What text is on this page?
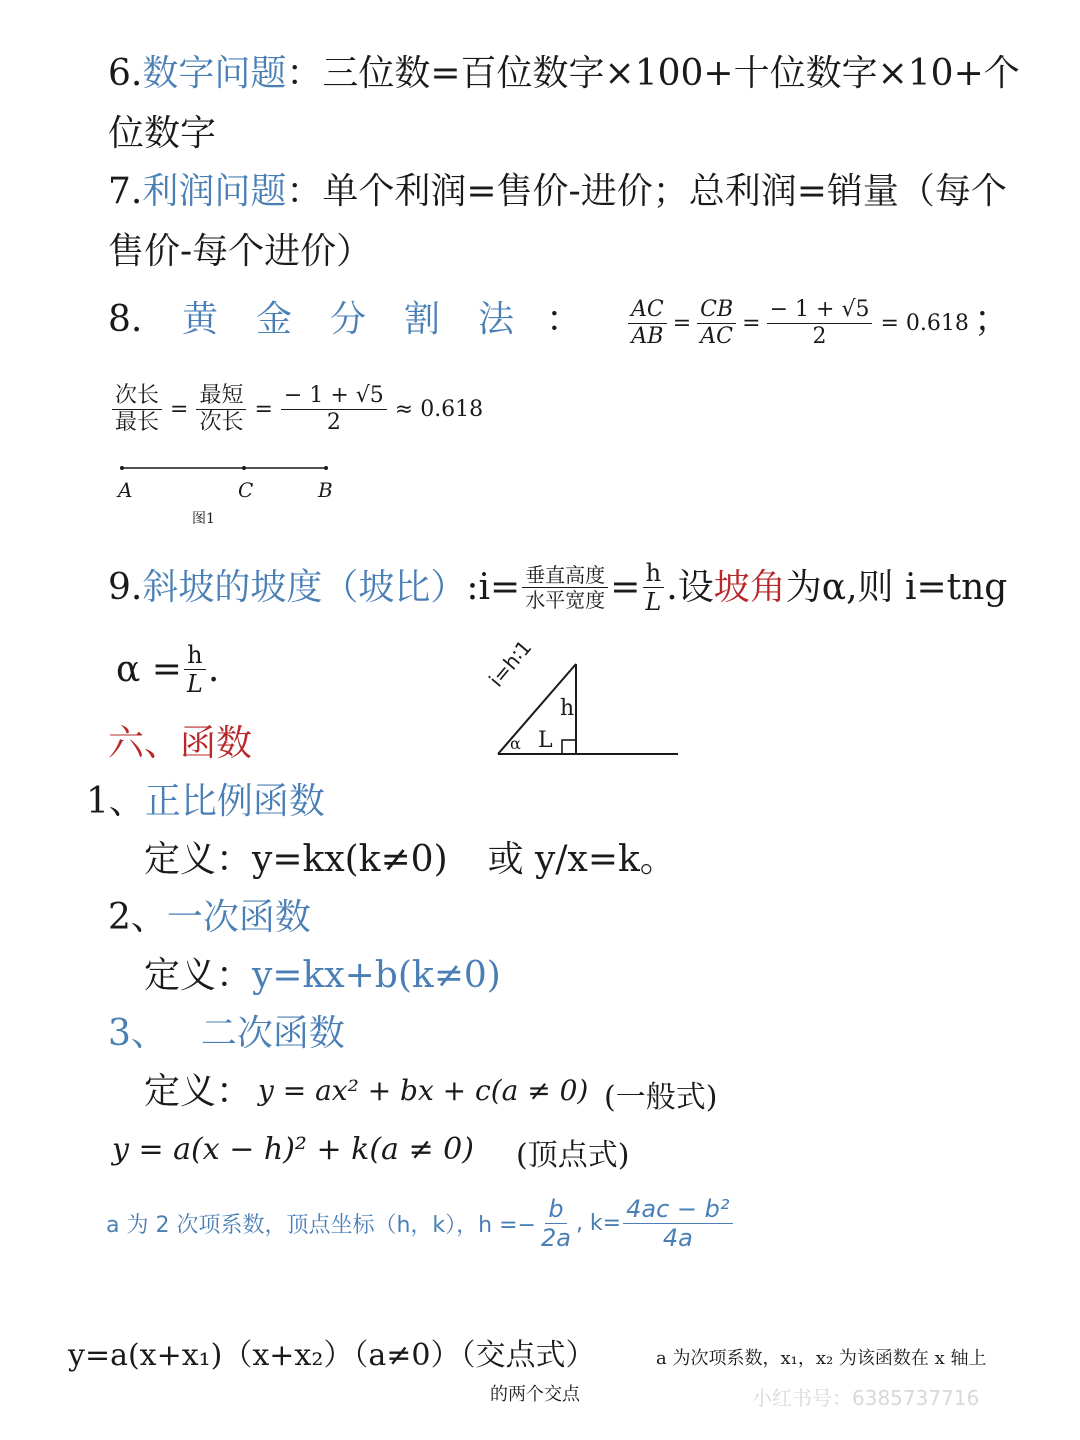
6.数字问题：三位数=百位数字×100+十位数字×10+个
位数字
7.利润问题：单个利润=售价-进价；总利润=销量（每个
售价-每个进价）
8. 黄 金 分 割 法 ： $\frac{AC}{AB} = \frac{CB}{AC} = \frac{- 1 + √5}{2} = 0.618$ ；
$\frac{\text{次长}}{\text{最长}} = \frac{\text{最短}}{\text{次长}} = \frac{- 1 + √5}{2} \approx 0.618$
A	C	B
图1
9. 斜坡的坡度（坡比） :i= $\frac{\text{垂直高度}}{\text{水平宽度}} = \frac{h}{L}$ .设 坡角 为α,则 i=tng
$\alpha = \frac{h}{L}$ .	i=h∶1
h
L
α
六、函数
1、正比例函数
定义：y=kx(k≠0) 或 y/x=k。
2、一次函数
定义：y=kx+b(k≠0)
3、 二次函数
定义： y = ax² + bx + c(a ≠ 0) (一般式)
y = a(x − h)² + k(a ≠ 0) (顶点式)
a 为 2 次项系数，顶点坐标（h，k），$h =- \frac{b}{2a}$ , $k= \frac{\text{4ac − b²}}{4a}$
y=a(x+x₁)（x+x₂）（a≠0）（交点式）	a 为次项系数，x₁，x₂ 为该函数在 x 轴上
的两个交点	小红书号：6385737716
